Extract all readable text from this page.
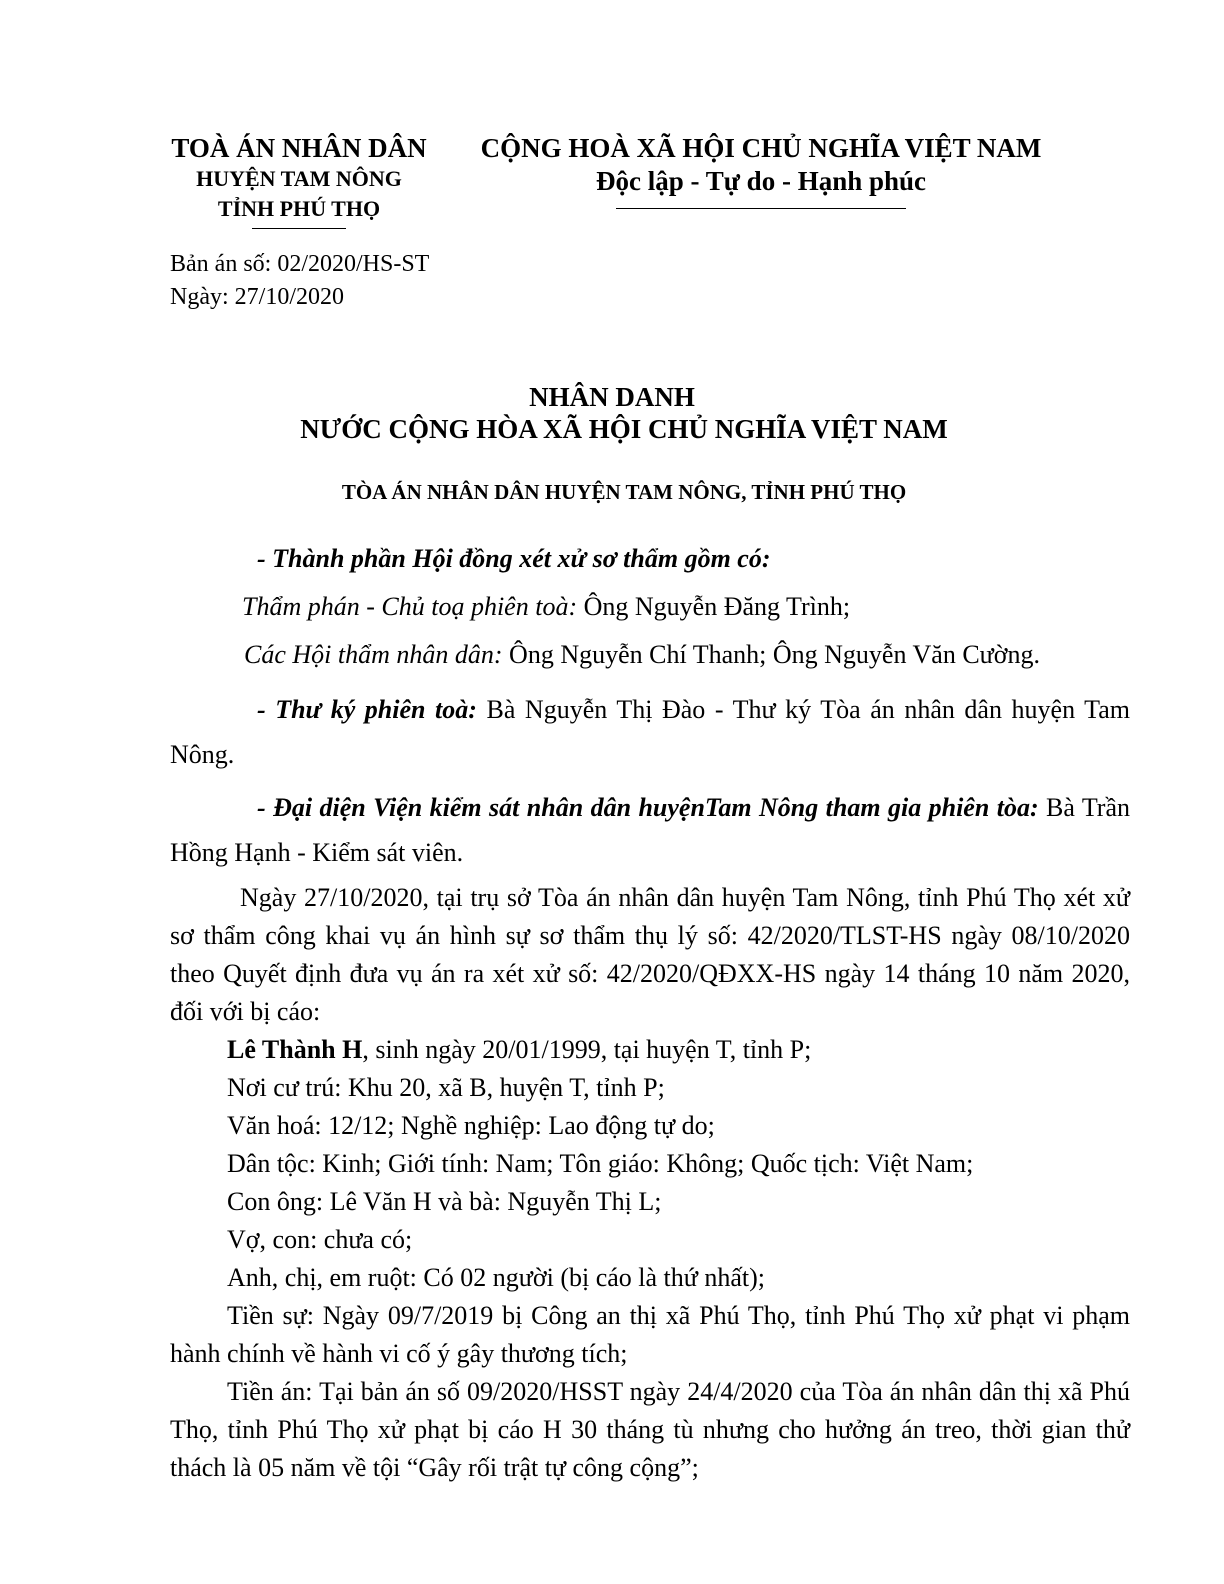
TOÀ ÁN NHÂN DÂN
HUYỆN TAM NÔNG
TỈNH PHÚ THỌ
CỘNG HOÀ XÃ HỘI CHỦ NGHĨA VIỆT NAM
Độc lập - Tự do - Hạnh phúc
Bản án số: 02/2020/HS-ST
Ngày: 27/10/2020
NHÂN DANH
NƯỚC CỘNG HÒA XÃ HỘI CHỦ NGHĨA VIỆT NAM
TÒA ÁN NHÂN DÂN HUYỆN TAM NÔNG, TỈNH PHÚ THỌ

- Thành phần Hội đồng xét xử sơ thẩm gồm có:

Thẩm phán - Chủ toạ phiên toà: Ông Nguyễn Đăng Trình;

Các Hội thẩm nhân dân: Ông Nguyễn Chí Thanh; Ông Nguyễn Văn Cường.

- Thư ký phiên toà: Bà Nguyễn Thị Đào - Thư ký Tòa án nhân dân huyện Tam Nông.

- Đại diện Viện kiểm sát nhân dân huyệnTam Nông tham gia phiên tòa: Bà Trần Hồng Hạnh - Kiểm sát viên.

Ngày 27/10/2020, tại trụ sở Tòa án nhân dân huyện Tam Nông, tỉnh Phú Thọ xét xử sơ thẩm công khai vụ án hình sự sơ thẩm thụ lý số: 42/2020/TLST-HS ngày 08/10/2020 theo Quyết định đưa vụ án ra xét xử số: 42/2020/QĐXX-HS ngày 14 tháng 10 năm 2020, đối với bị cáo:

Lê Thành H, sinh ngày 20/01/1999, tại huyện T, tỉnh P;

Nơi cư trú: Khu 20, xã B, huyện T, tỉnh P;

Văn hoá: 12/12; Nghề nghiệp: Lao động tự do;

Dân tộc: Kinh; Giới tính: Nam; Tôn giáo: Không; Quốc tịch: Việt Nam;

Con ông: Lê Văn H và bà: Nguyễn Thị L;

Vợ, con: chưa có;

Anh, chị, em ruột: Có 02 người (bị cáo là thứ nhất);

Tiền sự: Ngày 09/7/2019 bị Công an thị xã Phú Thọ, tỉnh Phú Thọ xử phạt vi phạm hành chính về hành vi cố ý gây thương tích;

Tiền án: Tại bản án số 09/2020/HSST ngày 24/4/2020 của Tòa án nhân dân thị xã Phú Thọ, tỉnh Phú Thọ xử phạt bị cáo H 30 tháng tù nhưng cho hưởng án treo, thời gian thử thách là 05 năm về tội “Gây rối trật tự công cộng”;
